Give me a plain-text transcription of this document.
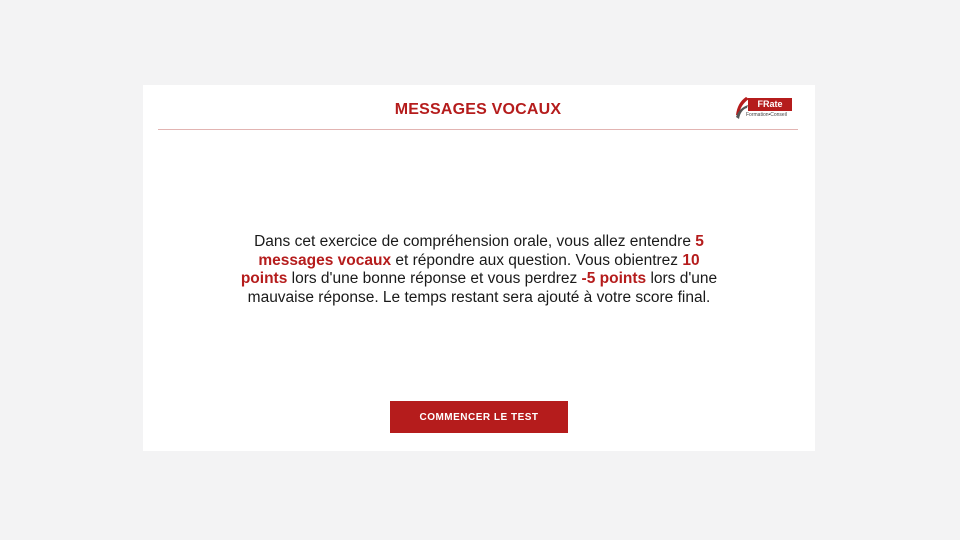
MESSAGES VOCAUX	FRate
Formation•Conseil
Dans cet exercice de compréhension orale, vous allez entendre 5 messages vocaux et répondre aux question. Vous obientrez 10 points lors d'une bonne réponse et vous perdrez -5 points lors d'une mauvaise réponse. Le temps restant sera ajouté à votre score final.
COMMENCER LE TEST
